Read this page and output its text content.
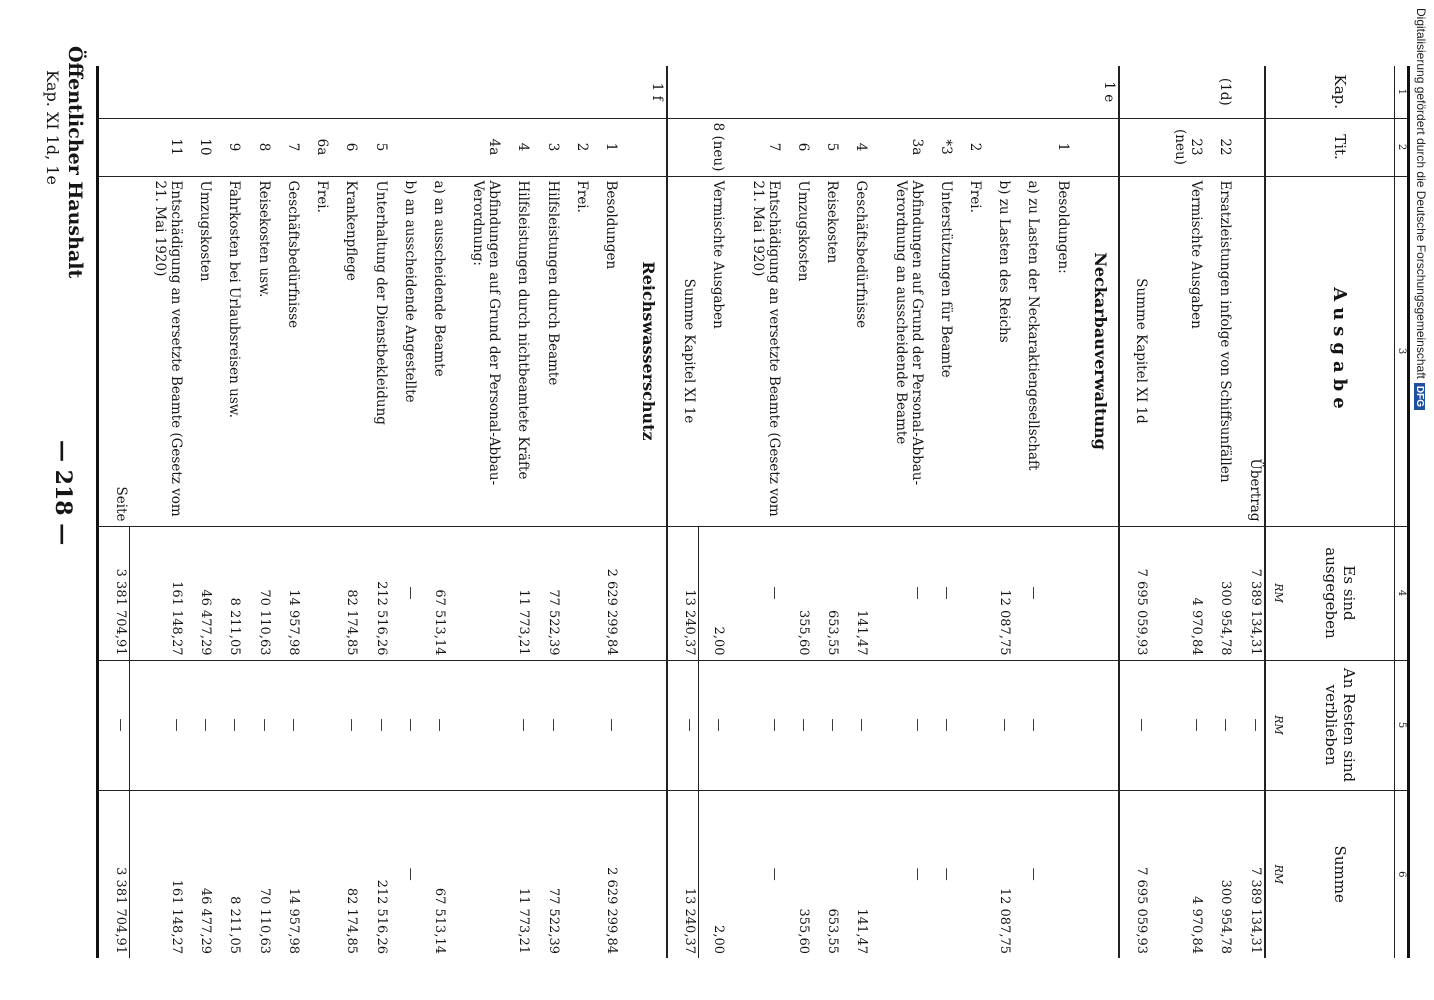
Digitalisierung gefördert durch die Deutsche ForschungsgemeinschaftDFG
1	2	3	4	5	6
Kap.	Tit.	Ausgabe	Es sind ausgegeben	An Resten sind verblieben	Summe
			RM	RM	RM
		Übertrag	7 389 134,31	—	7 389 134,31
(1d)	22	Ersatzleistungen infolge von Schiffsunfällen	300 954,78	—	300 954,78
	23 (neu)	Vermischte Ausgaben	4 970,84	—	4 970,84
		Summe Kapitel XI 1d	7 695 059,93	—	7 695 059,93
1 e		Neckarbauverwaltung			
	1	Besoldungen:			
		a) zu Lasten der Neckaraktiengesellschaft	—	—	—
		b) zu Lasten des Reichs	12 087,75	—	12 087,75
	2	Frei.			
	*3	Unterstützungen für Beamte	—	—	—
	3a	Abfindungen auf Grund der Personal-Abbau-Verordnung an ausscheidende Beamte	—	—	—
	4	Geschäftsbedürfnisse	141,47	—	141,47
	5	Reisekosten	653,55	—	653,55
	6	Umzugskosten	355,60	—	355,60
	7	Entschädigung an versetzte Beamte (Gesetz vom 21. Mai 1920)	—	—	—
	8 (neu)	Vermischte Ausgaben	2,00	—	2,00
		Summe Kapitel XI 1e	13 240,37	—	13 240,37
1 f		Reichswasserschutz			
	1	Besoldungen	2 629 299,84	—	2 629 299,84
	2	Frei.			
	3	Hilfsleistungen durch Beamte	77 522,39	—	77 522,39
	4	Hilfsleistungen durch nichtbeamtete Kräfte	11 773,21	—	11 773,21
	4a	Abfindungen auf Grund der Personal-Abbau-Verordnung:			
		a) an ausscheidende Beamte	67 513,14	—	67 513,14
		b) an ausscheidende Angestellte	—	—	—
	5	Unterhaltung der Dienstbekleidung	212 516,26	—	212 516,26
	6	Krankenpflege	82 174,85	—	82 174,85
	6a	Frei.			
	7	Geschäftsbedürfnisse	14 957,98	—	14 957,98
	8	Reisekosten usw.	70 110,63	—	70 110,63
	9	Fahrkosten bei Urlaubsreisen usw.	8 211,05	—	8 211,05
	10	Umzugskosten	46 477,29	—	46 477,29
	11	Entschädigung an versetzte Beamte (Gesetz vom 21. Mai 1920)	161 148,27	—	161 148,27
		Seite	3 381 704,91	—	3 381 704,91
Öffentlicher Haushalt
Kap. XI 1d, 1e
— 218 —
